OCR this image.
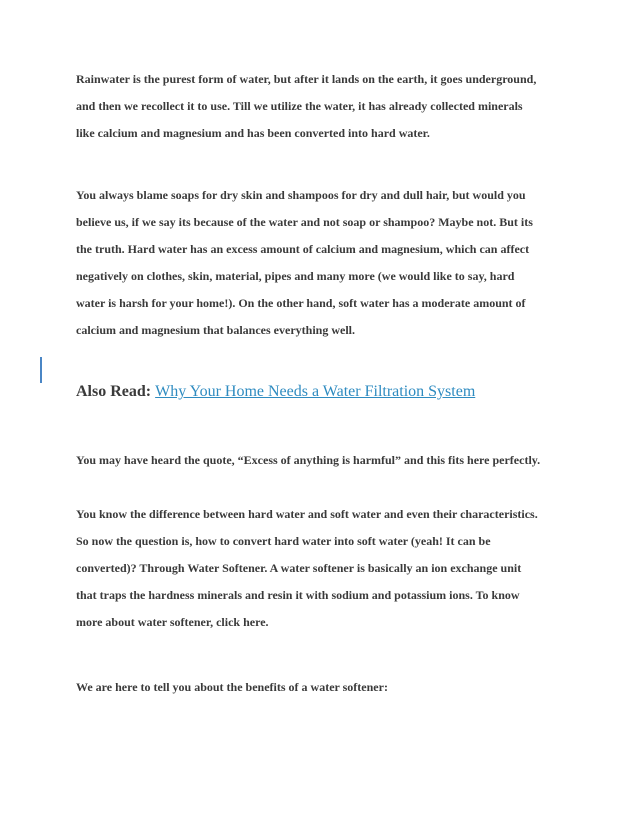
Rainwater is the purest form of water, but after it lands on the earth, it goes underground,
and then we recollect it to use. Till we utilize the water, it has already collected minerals
like calcium and magnesium and has been converted into hard water.

You always blame soaps for dry skin and shampoos for dry and dull hair, but would you
believe us, if we say its because of the water and not soap or shampoo? Maybe not. But its
the truth. Hard water has an excess amount of calcium and magnesium, which can affect
negatively on clothes, skin, material, pipes and many more (we would like to say, hard
water is harsh for your home!). On the other hand, soft water has a moderate amount of
calcium and magnesium that balances everything well.

Also Read: Why Your Home Needs a Water Filtration System

You may have heard the quote, “Excess of anything is harmful” and this fits here perfectly.

You know the difference between hard water and soft water and even their characteristics.
So now the question is, how to convert hard water into soft water (yeah! It can be
converted)? Through Water Softener. A water softener is basically an ion exchange unit
that traps the hardness minerals and resin it with sodium and potassium ions. To know
more about water softener, click here.

We are here to tell you about the benefits of a water softener:
